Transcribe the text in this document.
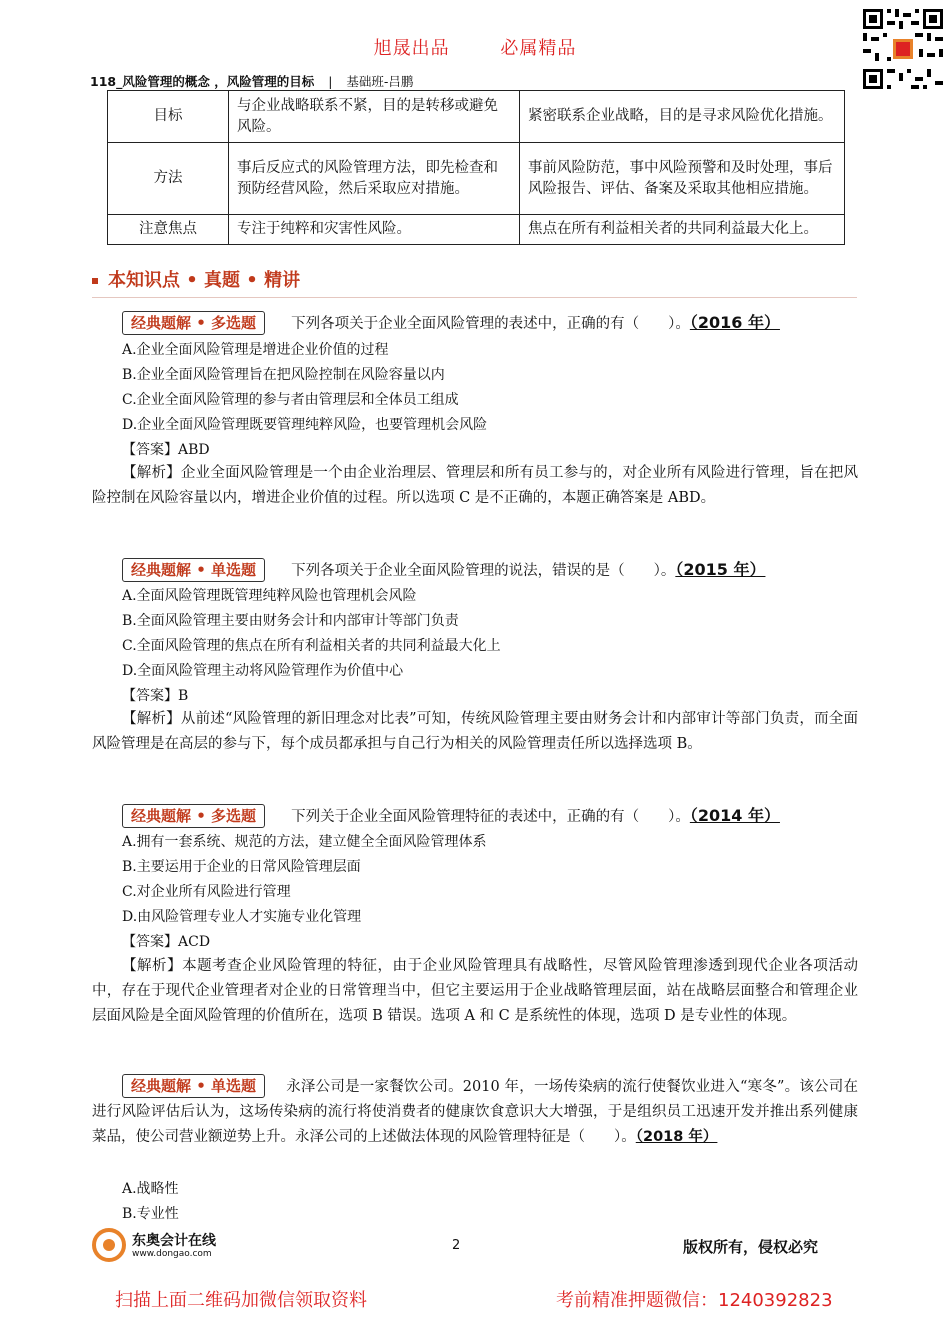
旭晟出品	必属精品
118_风险管理的概念 ，风险管理的目标 | 基础班-吕鹏
目标	与企业战略联系不紧，目的是转移或避免风险。	紧密联系企业战略，目的是寻求风险优化措施。
方法	事后反应式的风险管理方法，即先检查和预防经营风险，然后采取应对措施。	事前风险防范，事中风险预警和及时处理，事后风险报告、评估、备案及采取其他相应措施。
注意焦点	专注于纯粹和灾害性风险。	焦点在所有利益相关者的共同利益最大化上。
本知识点 • 真题 • 精讲
经典题解 • 多选题 下列各项关于企业全面风险管理的表述中，正确的有（　　）。（2016 年）
A.企业全面风险管理是增进企业价值的过程
B.企业全面风险管理旨在把风险控制在风险容量以内
C.企业全面风险管理的参与者由管理层和全体员工组成
D.企业全面风险管理既要管理纯粹风险，也要管理机会风险
【答案】ABD
【解析】企业全面风险管理是一个由企业治理层、管理层和所有员工参与的，对企业所有风险进行管理，旨在把风险控制在风险容量以内，增进企业价值的过程。所以选项 C 是不正确的，本题正确答案是 ABD。
经典题解 • 单选题 下列各项关于企业全面风险管理的说法，错误的是（　　）。（2015 年）
A.全面风险管理既管理纯粹风险也管理机会风险
B.全面风险管理主要由财务会计和内部审计等部门负责
C.全面风险管理的焦点在所有利益相关者的共同利益最大化上
D.全面风险管理主动将风险管理作为价值中心
【答案】B
【解析】从前述“风险管理的新旧理念对比表”可知，传统风险管理主要由财务会计和内部审计等部门负责，而全面风险管理是在高层的参与下，每个成员都承担与自己行为相关的风险管理责任所以选择选项 B。
经典题解 • 多选题 下列关于企业全面风险管理特征的表述中，正确的有（　　）。（2014 年）
A.拥有一套系统、规范的方法，建立健全全面风险管理体系
B.主要运用于企业的日常风险管理层面
C.对企业所有风险进行管理
D.由风险管理专业人才实施专业化管理
【答案】ACD
【解析】本题考查企业风险管理的特征，由于企业风险管理具有战略性，尽管风险管理渗透到现代企业各项活动中，存在于现代企业管理者对企业的日常管理当中，但它主要运用于企业战略管理层面，站在战略层面整合和管理企业层面风险是全面风险管理的价值所在，选项 B 错误。选项 A 和 C 是系统性的体现，选项 D 是专业性的体现。
经典题解 • 单选题 永泽公司是一家餐饮公司。2010 年，一场传染病的流行使餐饮业进入“寒冬”。该公司在进行风险评估后认为，这场传染病的流行将使消费者的健康饮食意识大大增强，于是组织员工迅速开发并推出系列健康菜品，使公司营业额逆势上升。永泽公司的上述做法体现的风险管理特征是（　　）。（2018 年）
A.战略性
B.专业性
东奥会计在线
www.dongao.com
2	版权所有，侵权必究
扫描上面二维码加微信领取资料	考前精准押题微信：1240392823
